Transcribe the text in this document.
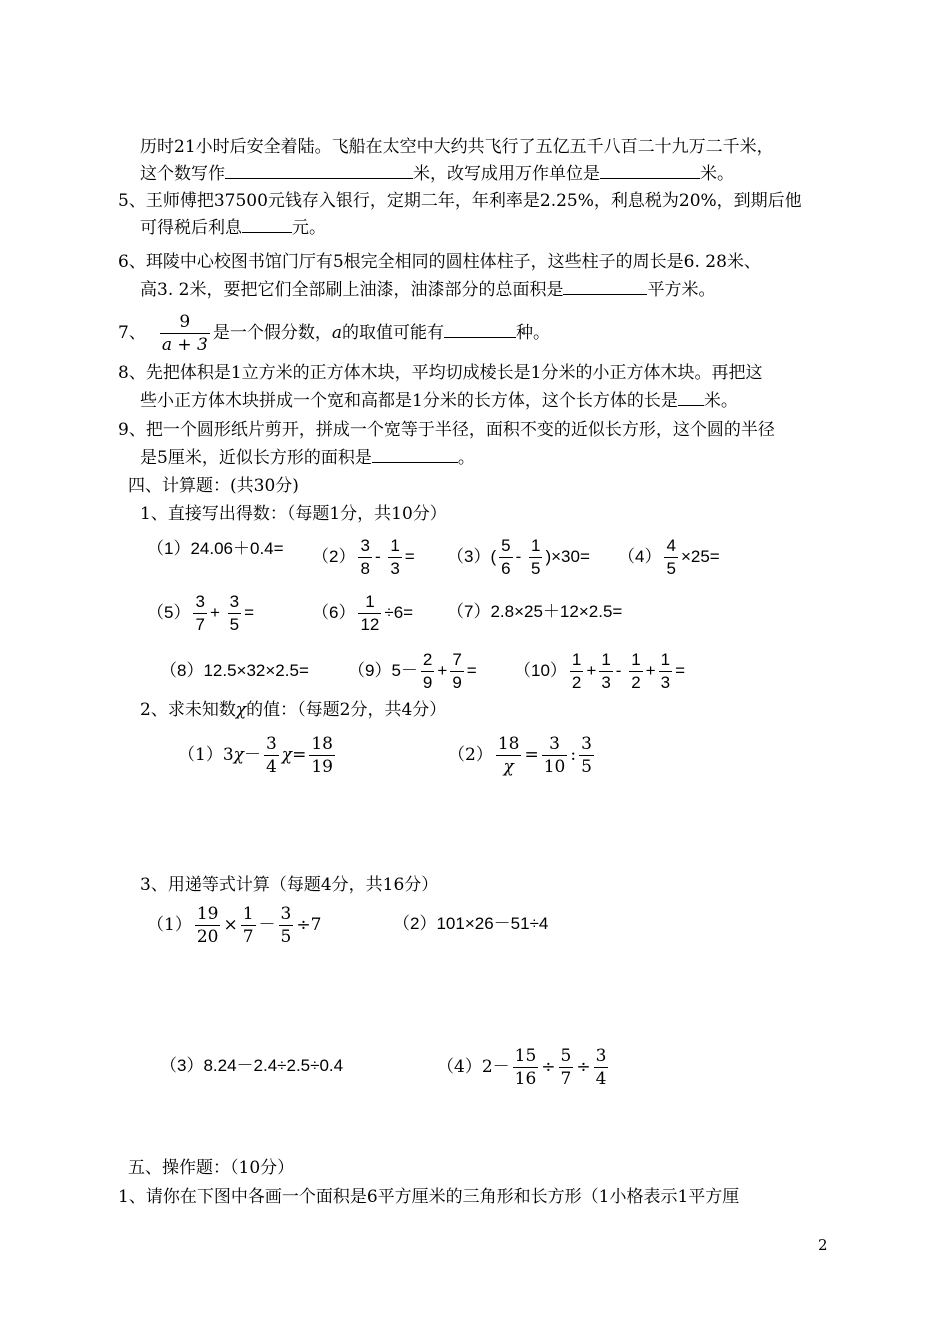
历时21小时后安全着陆。飞船在太空中大约共飞行了五亿五千八百二十九万二千米，
这个数写作	米，改写成用万作单位是	米。
5、王师傅把37500元钱存入银行，定期二年，年利率是2.25%，利息税为20%，到期后他
可得税后利息	元。
6、珥陵中心校图书馆门厅有5根完全相同的圆柱体柱子，这些柱子的周长是6. 28米、
高3. 2米，要把它们全部刷上油漆，油漆部分的总面积是	平方米。
7、 $\frac{9}{a + 3}$ 是一个假分数，a的取值可能有	种。
8、先把体积是1立方米的正方体木块，平均切成棱长是1分米的小正方体木块。再把这
些小正方体木块拼成一个宽和高都是1分米的长方体，这个长方体的长是 米。
9、把一个圆形纸片剪开，拼成一个宽等于半径，面积不变的近似长方形，这个圆的半径
是5厘米，近似长方形的面积是	。
四、计算题：(共30分)
1、直接写出得数：（每题1分，共10分）
$(1)24.06+0.4= (2) \frac{3}{8} - \frac{1}{3} = (3)( \frac{5}{6} - \frac{1}{5} )\times 30= (4) \frac{4}{5} \times 25=$
$(5) \frac{3}{7} + \frac{3}{5}$ =	$(6) \frac{1}{12} \div 6= (7)2.8\times 25+12\times 2.5=$
$(8)12.5\times 32\times 2.5= (9)5- \frac{2}{9} + \frac{7}{9} = (10) \frac{1}{2} + \frac{1}{3} - \frac{1}{2} + \frac{1}{3}$ =
2、求未知数χ的值：（每题2分，共4分）
$(1)3\chi- \frac{3}{4} \chi= \frac{18}{19}$	$(2) \frac{18}{\chi} = \frac{3}{10}$ : $\frac{3}{5}$
3、用递等式计算（每题4分，共16分）
$(1) \frac{19}{20} \times \frac{1}{7} - \frac{3}{5} \div 7$	（2）101×26－51÷4
（3）8.24－2.4÷2.5÷0.4	$(4)2- \frac{15}{16} \div \frac{5}{7} \div \frac{3}{4}$
五、操作题：（10分）
1、请你在下图中各画一个面积是6平方厘米的三角形和长方形（1小格表示1平方厘
2
